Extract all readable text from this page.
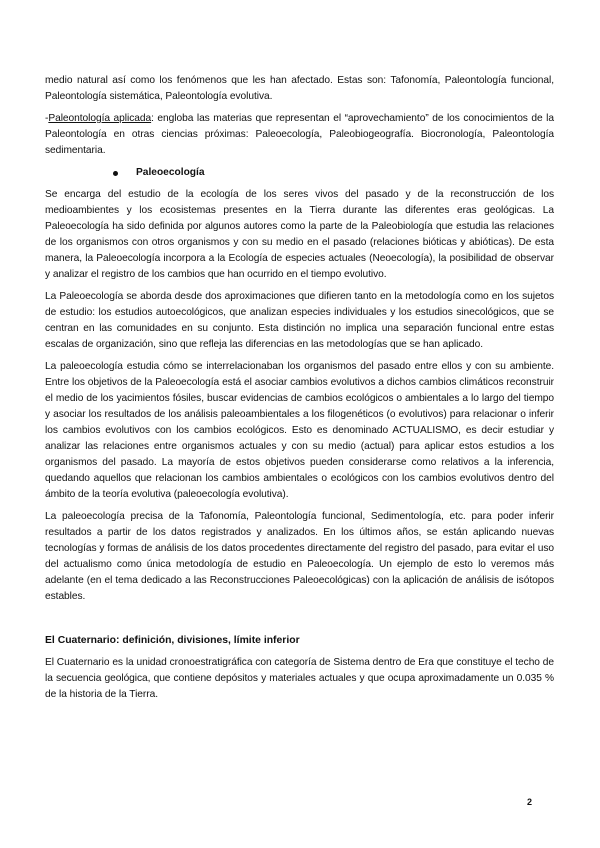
medio natural así como los fenómenos que les han afectado. Estas son: Tafonomía, Paleontología funcional, Paleontología sistemática, Paleontología evolutiva.

-Paleontología aplicada: engloba las materias que representan el “aprovechamiento” de los conocimientos de la Paleontología en otras ciencias próximas: Paleoecología, Paleobiogeografía. Biocronología, Paleontología sedimentaria.

Paleoecología

Se encarga del estudio de la ecología de los seres vivos del pasado y de la reconstrucción de los medioambientes y los ecosistemas presentes en la Tierra durante las diferentes eras geológicas. La Paleoecología ha sido definida por algunos autores como la parte de la Paleobiología que estudia las relaciones de los organismos con otros organismos y con su medio en el pasado (relaciones bióticas y abióticas). De esta manera, la Paleoecología incorpora a la Ecología de especies actuales (Neoecología), la posibilidad de observar y analizar el registro de los cambios que han ocurrido en el tiempo evolutivo.

La Paleoecología se aborda desde dos aproximaciones que difieren tanto en la metodología como en los sujetos de estudio: los estudios autoecológicos, que analizan especies individuales y los estudios sinecológicos, que se centran en las comunidades en su conjunto. Esta distinción no implica una separación funcional entre estas escalas de organización, sino que refleja las diferencias en las metodologías que se han aplicado.

La paleoecología estudia cómo se interrelacionaban los organismos del pasado entre ellos y con su ambiente. Entre los objetivos de la Paleoecología está el asociar cambios evolutivos a dichos cambios climáticos reconstruir el medio de los yacimientos fósiles, buscar evidencias de cambios ecológicos o ambientales a lo largo del tiempo y asociar los resultados de los análisis paleoambientales a los filogenéticos (o evolutivos) para relacionar o inferir los cambios evolutivos con los cambios ecológicos. Esto es denominado ACTUALISMO, es decir estudiar y analizar las relaciones entre organismos actuales y con su medio (actual) para aplicar estos estudios a los organismos del pasado. La mayoría de estos objetivos pueden considerarse como relativos a la inferencia, quedando aquellos que relacionan los cambios ambientales o ecológicos con los cambios evolutivos dentro del ámbito de la teoría evolutiva (paleoecología evolutiva).

La paleoecología precisa de la Tafonomía, Paleontología funcional, Sedimentología, etc. para poder inferir resultados a partir de los datos registrados y analizados. En los últimos años, se están aplicando nuevas tecnologías y formas de análisis de los datos procedentes directamente del registro del pasado, para evitar el uso del actualismo como única metodología de estudio en Paleoecología. Un ejemplo de esto lo veremos más adelante (en el tema dedicado a las Reconstrucciones Paleoecológicas) con la aplicación de análisis de isótopos estables.

El Cuaternario: definición, divisiones, límite inferior

El Cuaternario es la unidad cronoestratigráfica con categoría de Sistema dentro de Era que constituye el techo de la secuencia geológica, que contiene depósitos y materiales actuales y que ocupa aproximadamente un 0.035 % de la historia de la Tierra.

2
